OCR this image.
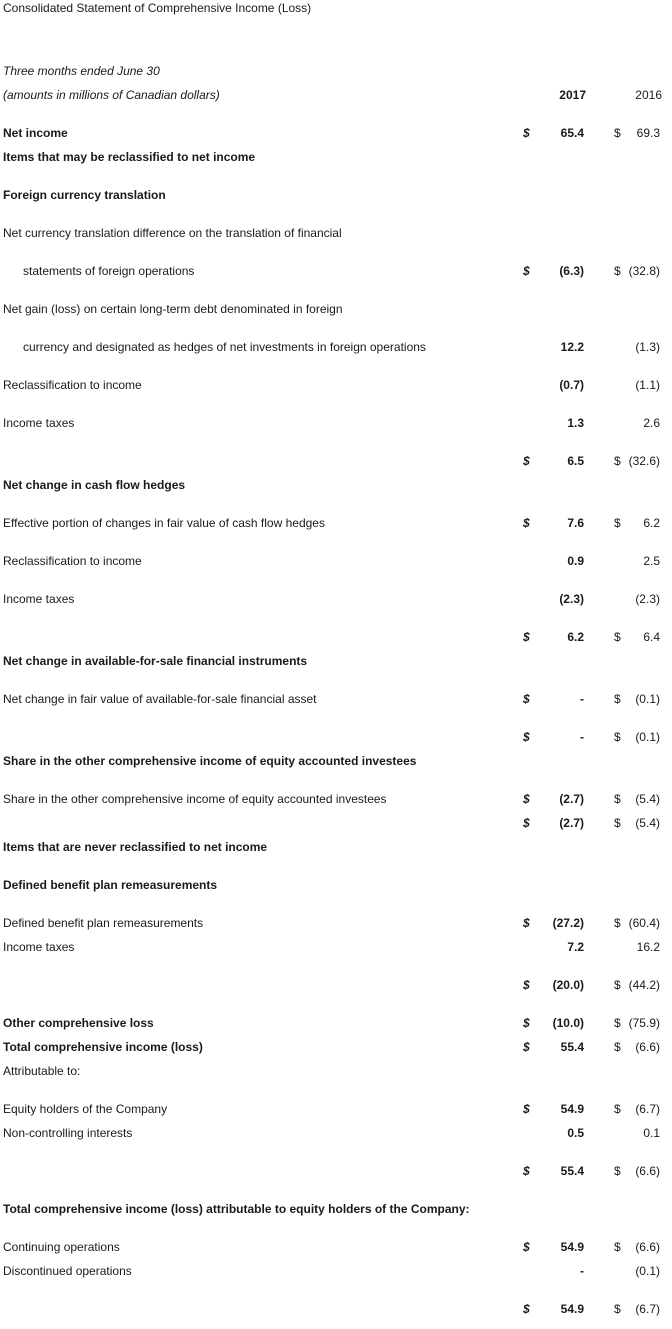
Consolidated Statement of Comprehensive Income (Loss)
Three months ended June 30
(amounts in millions of Canadian dollars)	2017	2016
Net income	$	65.4	$ 69.3
Items that may be reclassified to net income
Foreign currency translation
Net currency translation difference on the translation of financial
statements of foreign operations	$ (6.3)	$ (32.8)
Net gain (loss) on certain long-term debt denominated in foreign
currency and designated as hedges of net investments in foreign operations	12.2	(1.3)
Reclassification to income	(0.7)	(1.1)
Income taxes	1.3	2.6
$	6.5	$ (32.6)
Net change in cash flow hedges
Effective portion of changes in fair value of cash flow hedges	$	7.6	$ 6.2
Reclassification to income	0.9	2.5
Income taxes	(2.3)	(2.3)
$	6.2	$ 6.4
Net change in available-for-sale financial instruments
Net change in fair value of available-for-sale financial asset	$	-	$ (0.1)
$	-	$ (0.1)
Share in the other comprehensive income of equity accounted investees
Share in the other comprehensive income of equity accounted investees	$ (2.7)	$ (5.4)
$ (2.7)	$ (5.4)
Items that are never reclassified to net income
Defined benefit plan remeasurements
Defined benefit plan remeasurements	$ (27.2)	$ (60.4)
Income taxes	7.2	16.2
$ (20.0)	$ (44.2)
Other comprehensive loss	$ (10.0)	$ (75.9)
Total comprehensive income (loss)	$	55.4	$ (6.6)
Attributable to:
Equity holders of the Company	$	54.9	$ (6.7)
Non-controlling interests	0.5	0.1
$	55.4	$ (6.6)
Total comprehensive income (loss) attributable to equity holders of the Company:
Continuing operations	$	54.9	$ (6.6)
Discontinued operations	-	(0.1)
$	54.9	$ (6.7)
